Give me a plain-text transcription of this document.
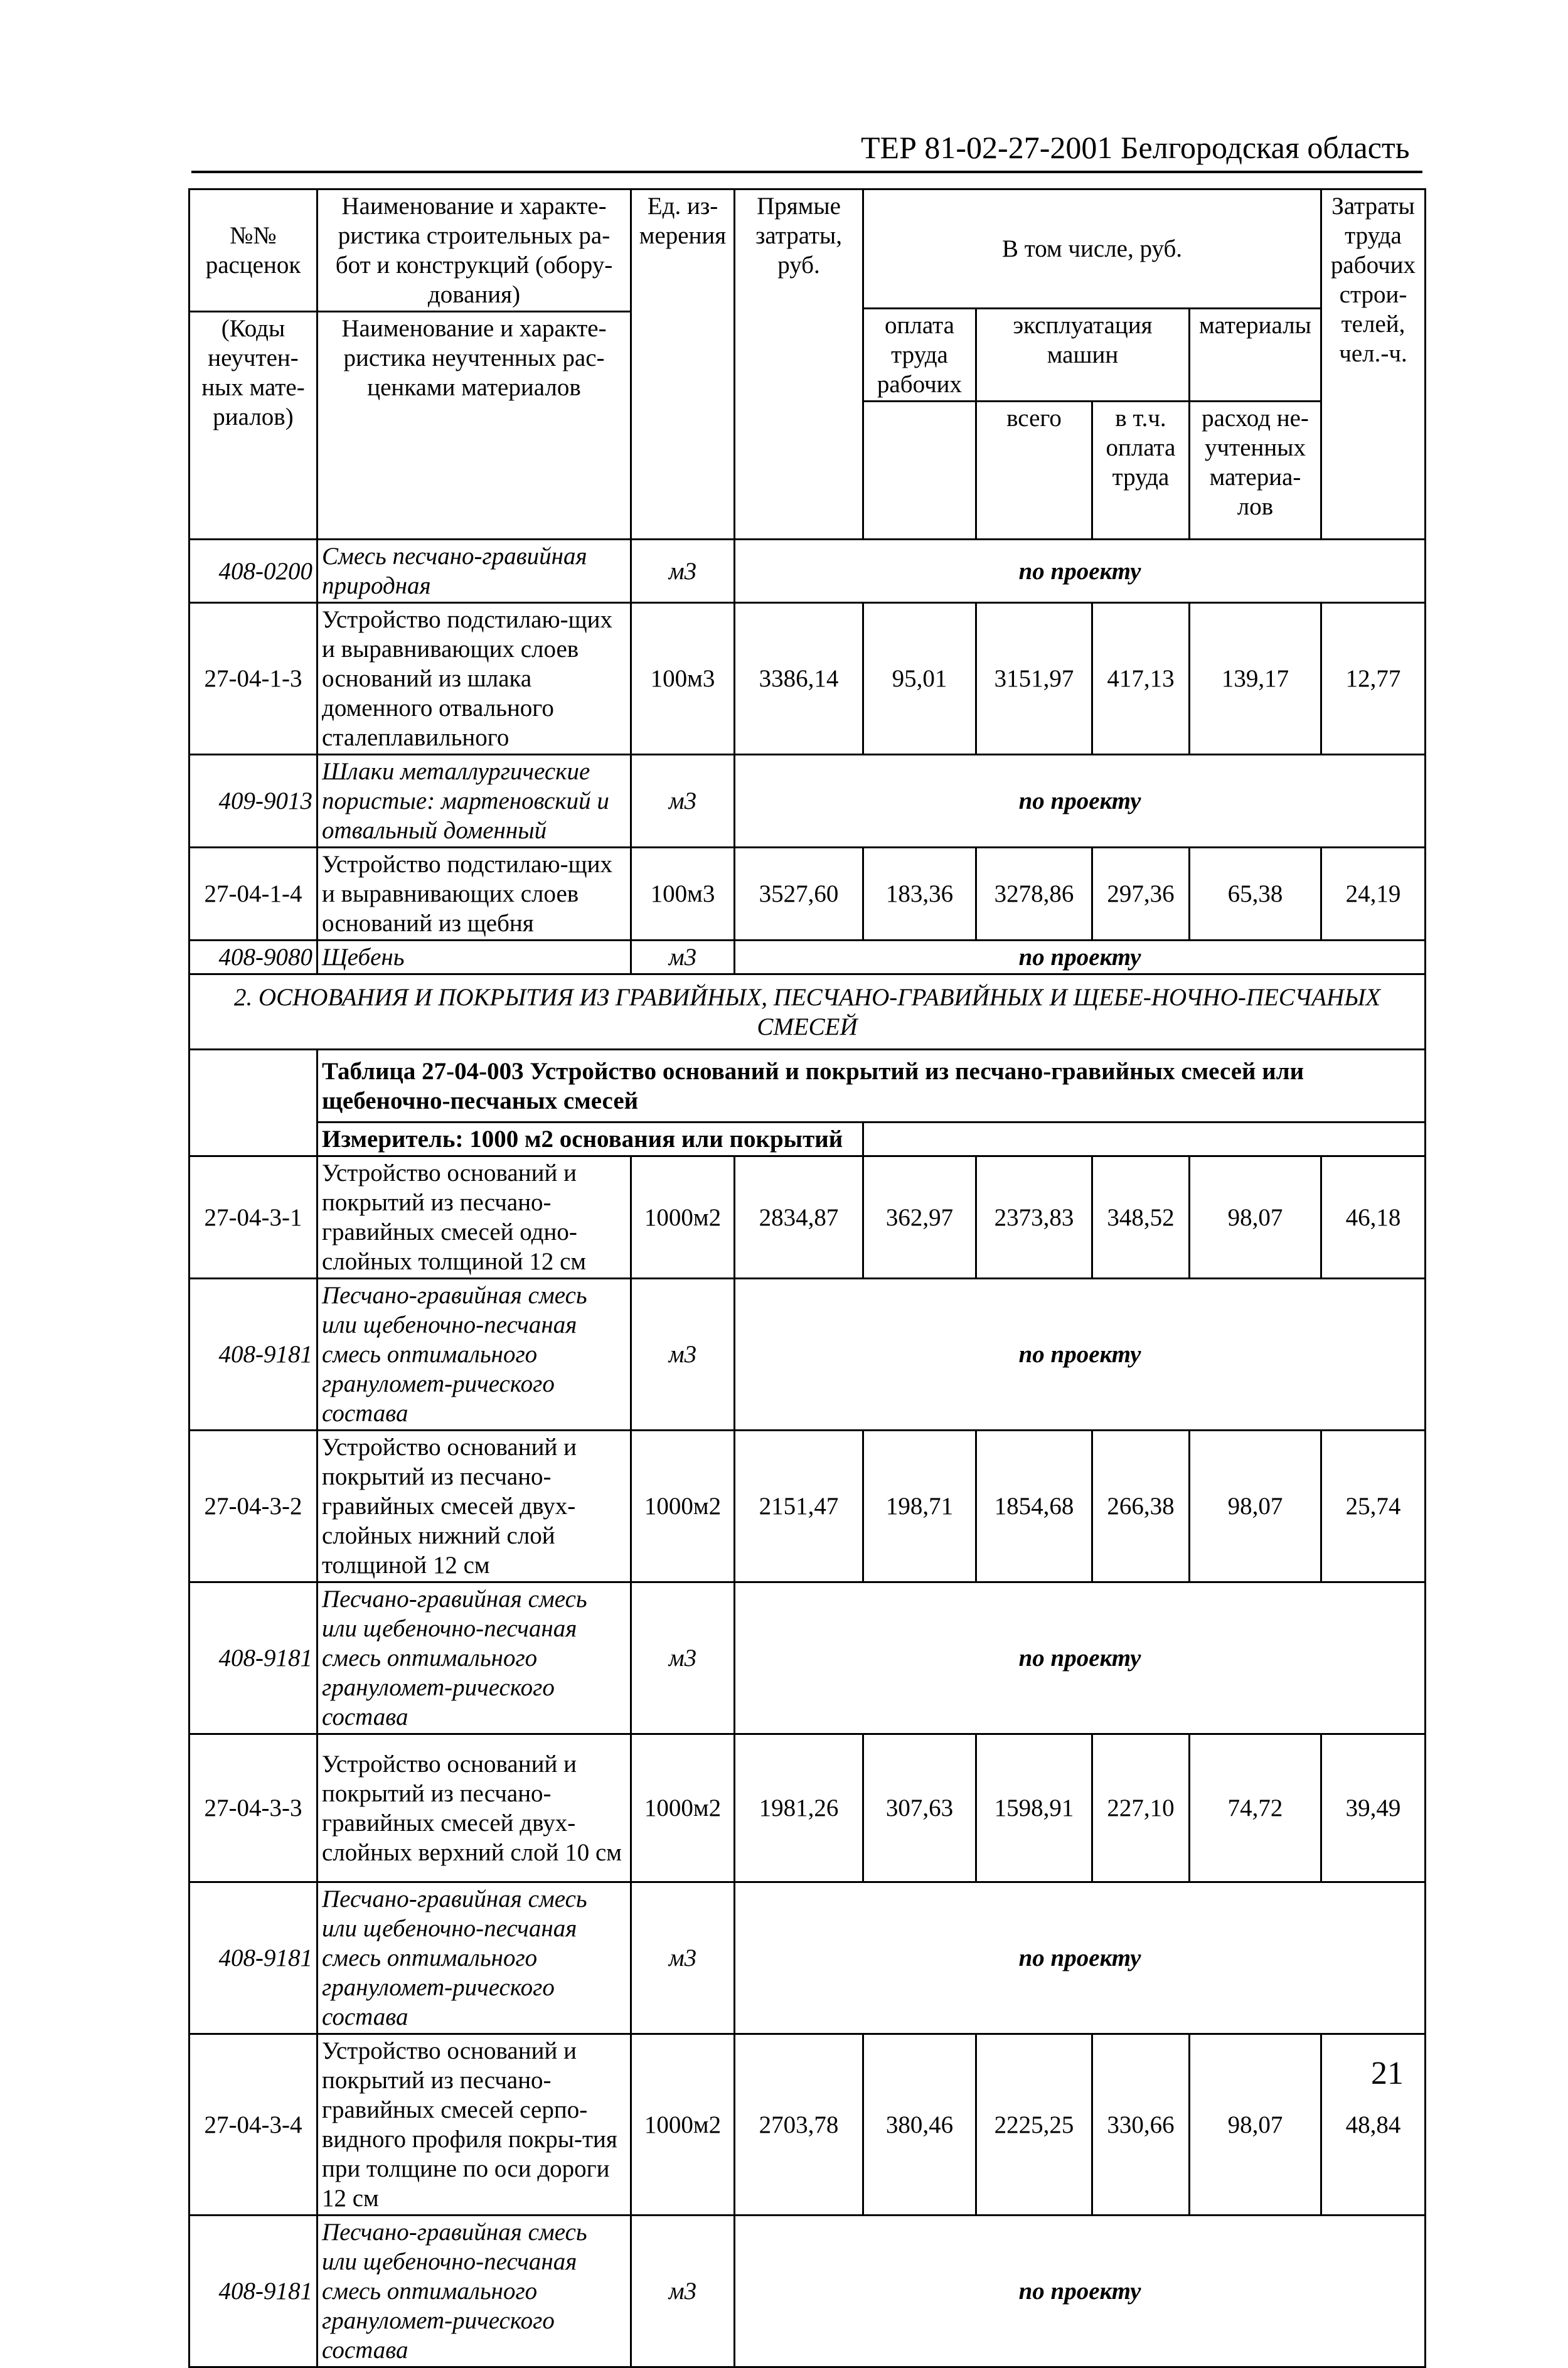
ТЕР 81-02-27-2001 Белгородская область
№№ расценок	Наименование и характе-ристика строительных ра-бот и конструкций (обору-дования)	Ед. из-мерения	Прямые затраты, руб.	В том числе, руб.				Затраты труда рабочих строи-телей, чел.-ч.
				оплата труда рабочих	эксплуатация машин		материалы	

(Коды неучтен-ных мате-риалов)	Наименование и характе-ристика неучтенных рас-ценками материалов							
					всего	в т.ч. оплата труда	расход не-учтенных материа-лов	

408-0200	Смесь песчано-гравийная природная	м3	по проекту					
27-04-1-3	Устройство подстилаю-щих и выравнивающих слоев оснований из шлака доменного отвального сталеплавильного	100м3	3386,14	95,01	3151,97	417,13	139,17	12,77
409-9013	Шлаки металлургические пористые: мартеновский и отвальный доменный	м3	по проекту					
27-04-1-4	Устройство подстилаю-щих и выравнивающих слоев оснований из щебня	100м3	3527,60	183,36	3278,86	297,36	65,38	24,19
408-9080	Щебень	м3	по проекту					
2. ОСНОВАНИЯ И ПОКРЫТИЯ ИЗ ГРАВИЙНЫХ, ПЕСЧАНО-ГРАВИЙНЫХ И ЩЕБЕ-НОЧНО-ПЕСЧАНЫХ СМЕСЕЙ								
	Таблица 27-04-003 Устройство оснований и покрытий из песчано-гравийных смесей или щебеночно-песчаных смесей							
	Измеритель: 1000 м2 основания или покрытий							
27-04-3-1	Устройство оснований и покрытий из песчано-гравийных смесей одно-слойных толщиной 12 см	1000м2	2834,87	362,97	2373,83	348,52	98,07	46,18
408-9181	Песчано-гравийная смесь или щебеночно-песчаная смесь оптимального грануломет-рического состава	м3	по проекту					
27-04-3-2	Устройство оснований и покрытий из песчано-гравийных смесей двух-слойных нижний слой толщиной 12 см	1000м2	2151,47	198,71	1854,68	266,38	98,07	25,74
408-9181	Песчано-гравийная смесь или щебеночно-песчаная смесь оптимального грануломет-рического состава	м3	по проекту					
27-04-3-3	Устройство оснований и покрытий из песчано-гравийных смесей двух-слойных верхний слой 10 см	1000м2	1981,26	307,63	1598,91	227,10	74,72	39,49
408-9181	Песчано-гравийная смесь или щебеночно-песчаная смесь оптимального грануломет-рического состава	м3	по проекту					
27-04-3-4	Устройство оснований и покрытий из песчано-гравийных смесей серпо-видного профиля покры-тия при толщине по оси дороги 12 см	1000м2	2703,78	380,46	2225,25	330,66	98,07	48,84
408-9181	Песчано-гравийная смесь или щебеночно-песчаная смесь оптимального грануломет-рического состава	м3	по проекту					
21
